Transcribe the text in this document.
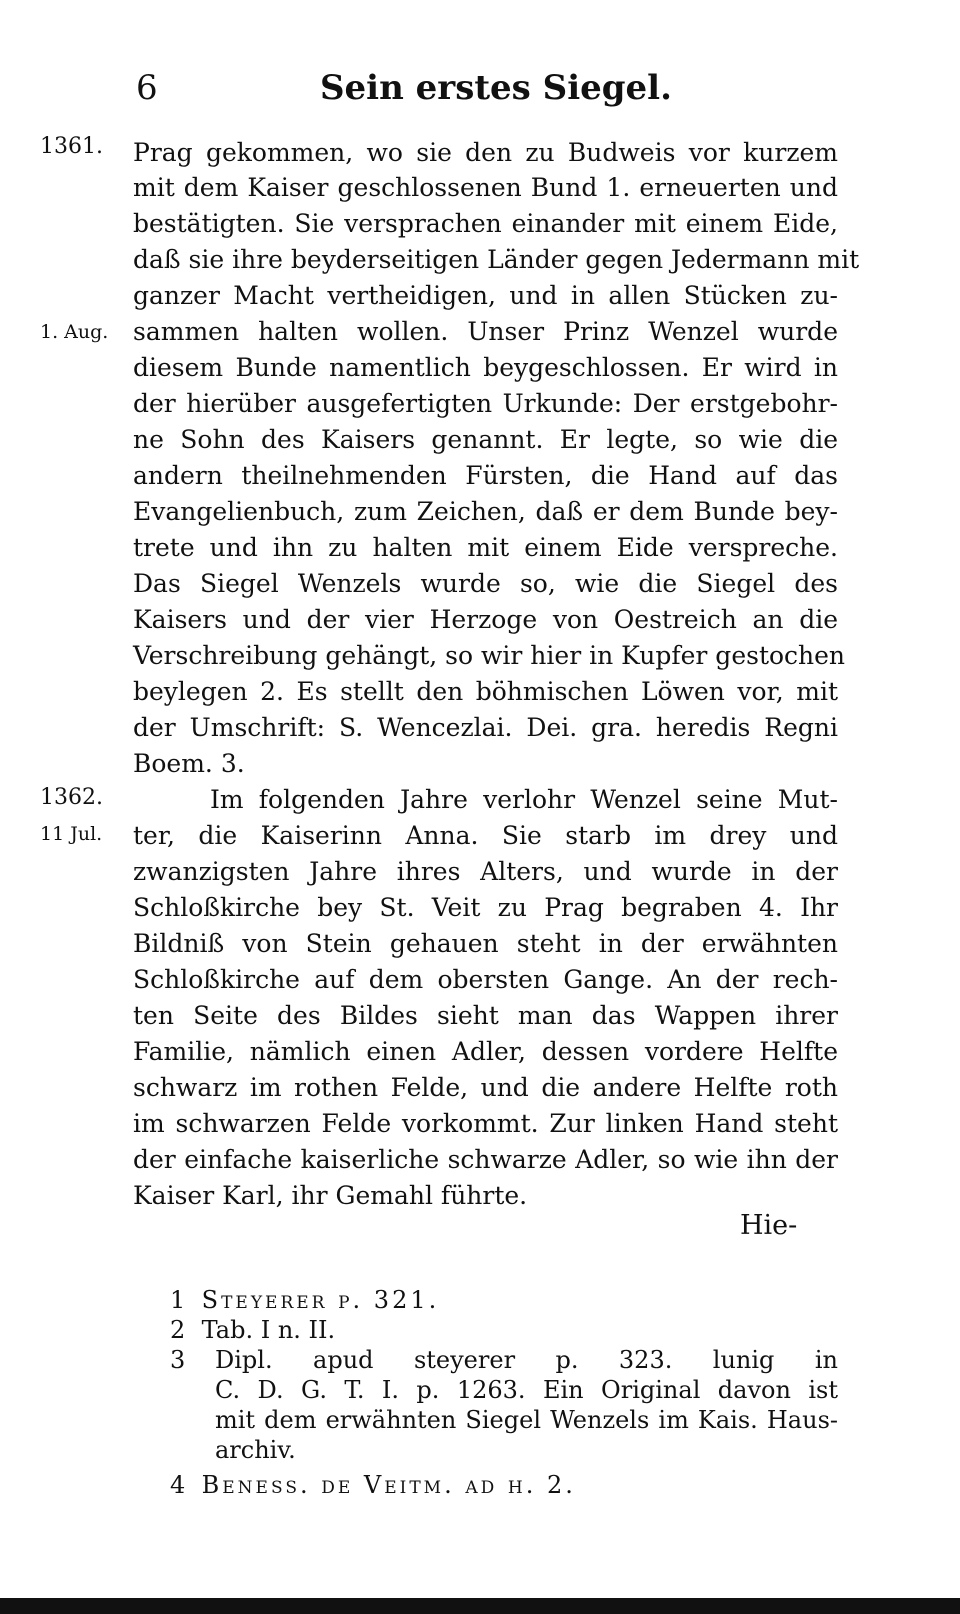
6	Sein erstes Siegel.
1361.
1. Aug.
1362.
11 Jul.
Prag gekommen, wo sie den zu Budweis vor kurzem
mit dem Kaiser geschlossenen Bund 1. erneuerten und
bestätigten. Sie versprachen einander mit einem Eide,
daß sie ihre beyderseitigen Länder gegen Jedermann mit
ganzer Macht vertheidigen, und in allen Stücken zu-
sammen halten wollen. Unser Prinz Wenzel wurde
diesem Bunde namentlich beygeschlossen. Er wird in
der hierüber ausgefertigten Urkunde: Der erstgebohr-
ne Sohn des Kaisers genannt. Er legte, so wie die
andern theilnehmenden Fürsten, die Hand auf das
Evangelienbuch, zum Zeichen, daß er dem Bunde bey-
trete und ihn zu halten mit einem Eide verspreche.
Das Siegel Wenzels wurde so, wie die Siegel des
Kaisers und der vier Herzoge von Oestreich an die
Verschreibung gehängt, so wir hier in Kupfer gestochen
beylegen 2. Es stellt den böhmischen Löwen vor, mit
der Umschrift: S. Wencezlai. Dei. gra. heredis Regni
Boem. 3.
Im folgenden Jahre verlohr Wenzel seine Mut-
ter, die Kaiserinn Anna. Sie starb im drey und
zwanzigsten Jahre ihres Alters, und wurde in der
Schloßkirche bey St. Veit zu Prag begraben 4. Ihr
Bildniß von Stein gehauen steht in der erwähnten
Schloßkirche auf dem obersten Gange. An der rech-
ten Seite des Bildes sieht man das Wappen ihrer
Familie, nämlich einen Adler, dessen vordere Helfte
schwarz im rothen Felde, und die andere Helfte roth
im schwarzen Felde vorkommt. Zur linken Hand steht
der einfache kaiserliche schwarze Adler, so wie ihn der
Kaiser Karl, ihr Gemahl führte.
Hie-
1 Steyerer p. 321.
2 Tab. I n. II.
3	Dipl. apud steyerer p. 323. lunig in
C. D. G. T. I. p. 1263. Ein Original davon ist
mit dem erwähnten Siegel Wenzels im Kais. Haus-
archiv.
4 Beness. de Veitm. ad h. 2.
